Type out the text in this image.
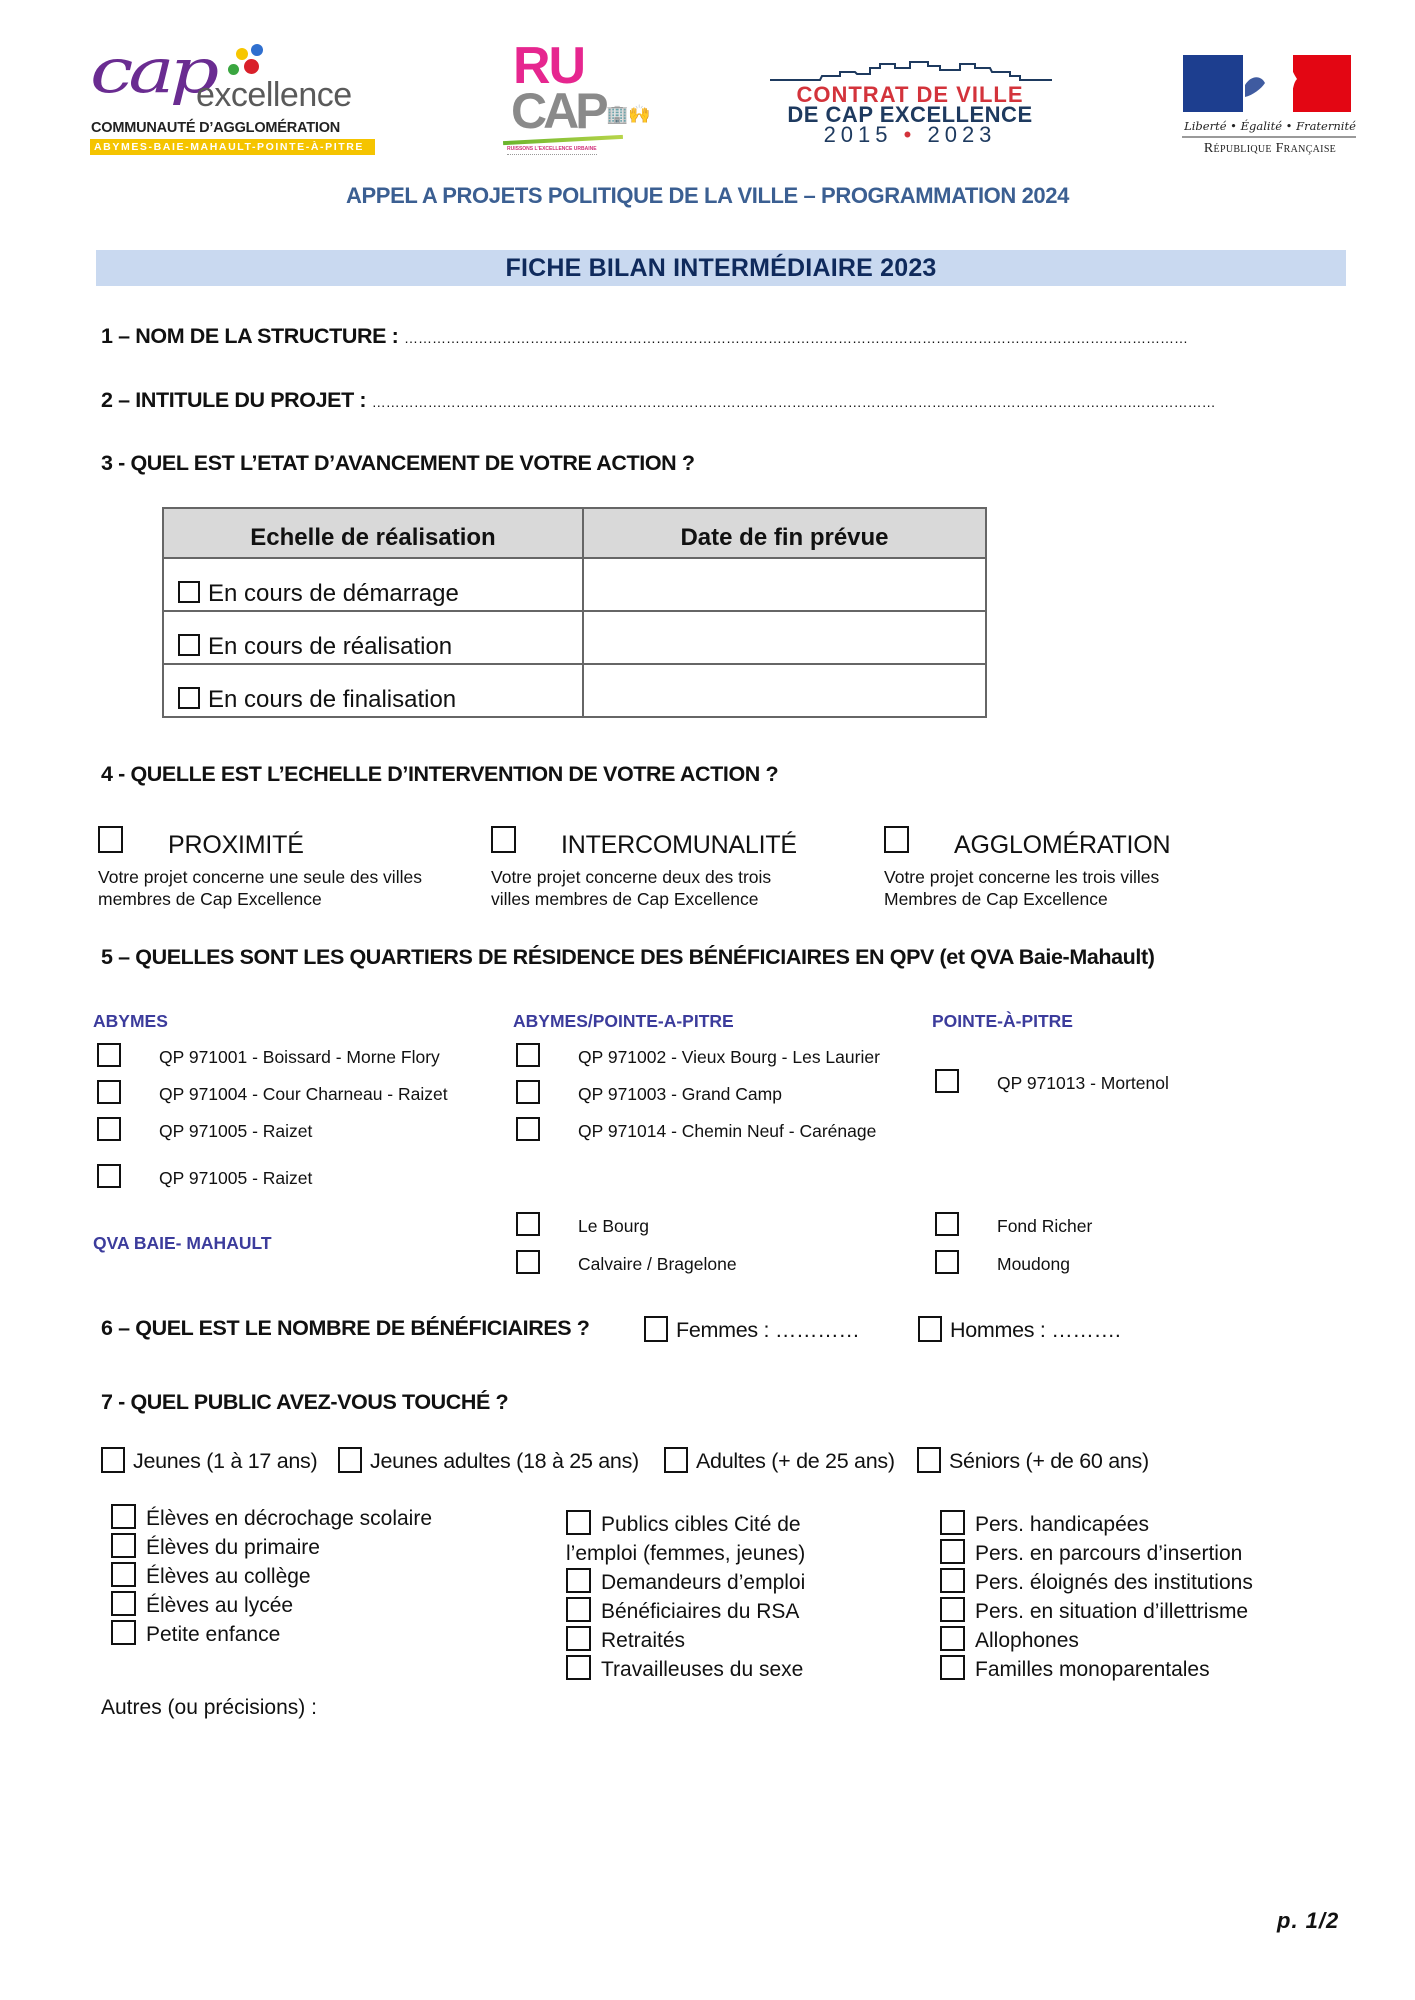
cap
excellence
COMMUNAUTÉ D’AGGLOMÉRATION
ABYMES-BAIE-MAHAULT-POINTE-À-PITRE
RU
CAP 🏢🙌
RUISSONS L'EXCELLENCE URBAINE
CONTRAT DE VILLE
DE CAP EXCELLENCE
2015 • 2023	Liberté • Égalité • Fraternité
République Française
APPEL A PROJETS POLITIQUE DE LA VILLE – PROGRAMMATION 2024
FICHE BILAN INTERMÉDIAIRE 2023
1 – NOM DE LA STRUCTURE : ……………………………………………………………………………………………………………………………………………………
2 – INTITULE DU PROJET : ……………………………………………………………………………………………………………………………………………….………………
3 - QUEL EST L’ETAT D’AVANCEMENT DE VOTRE ACTION ?
Echelle de réalisation	Date de fin prévue
En cours de démarrage	
En cours de réalisation	
En cours de finalisation	
4 - QUELLE EST L’ECHELLE D’INTERVENTION DE VOTRE ACTION ?
PROXIMITÉ
Votre projet concerne une seule des villes
membres de Cap Excellence
INTERCOMUNALITÉ
Votre projet concerne deux des trois
villes membres de Cap Excellence
AGGLOMÉRATION
Votre projet concerne les trois villes
Membres de Cap Excellence
5 – QUELLES SONT LES QUARTIERS DE RÉSIDENCE DES BÉNÉFICIAIRES EN QPV (et QVA Baie-Mahault)
ABYMES
QP 971001 - Boissard - Morne Flory
QP 971004 - Cour Charneau - Raizet
QP 971005 - Raizet
QP 971005 - Raizet
ABYMES/POINTE-A-PITRE
QP 971002 - Vieux Bourg - Les Laurier
QP 971003 - Grand Camp
QP 971014 - Chemin Neuf - Carénage
POINTE-À-PITRE
QP 971013 - Mortenol
QVA BAIE- MAHAULT
Le Bourg
Calvaire / Bragelone
Fond Richer
Moudong
6 – QUEL EST LE NOMBRE DE BÉNÉFICIAIRES ?	Femmes : …………	Hommes : ……….
7 - QUEL PUBLIC AVEZ-VOUS TOUCHÉ ?
Jeunes (1 à 17 ans)	Jeunes adultes (18 à 25 ans)	Adultes (+ de 25 ans)	Séniors (+ de 60 ans)
Élèves en décrochage scolaire
Élèves du primaire
Élèves au collège
Élèves au lycée
Petite enfance
Publics cibles Cité de
l’emploi (femmes, jeunes)
Demandeurs d’emploi
Bénéficiaires du RSA
Retraités
Travailleuses du sexe
Pers. handicapées
Pers. en parcours d’insertion
Pers. éloignés des institutions
Pers. en situation d’illettrisme
Allophones
Familles monoparentales
Autres (ou précisions) :
p. 1/2
